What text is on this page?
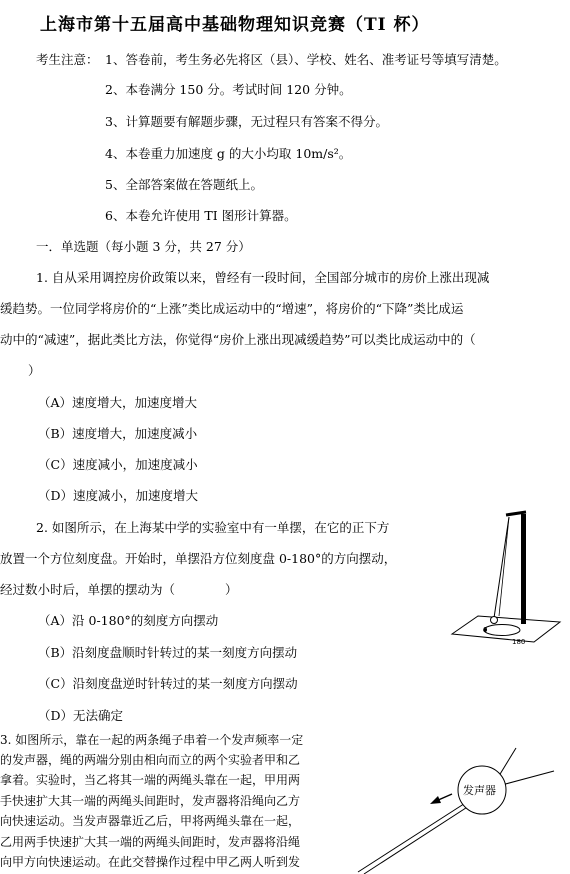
上海市第十五届高中基础物理知识竞赛（TI 杯）
考生注意： 1、答卷前，考生务必先将区（县）、学校、姓名、准考证号等填写清楚。
2、本卷满分 150 分。考试时间 120 分钟。
3、计算题要有解题步骤，无过程只有答案不得分。
4、本卷重力加速度 g 的大小均取 10m/s²。
5、全部答案做在答题纸上。
6、本卷允许使用 TI 图形计算器。
一．单选题（每小题 3 分，共 27 分）
1. 自从采用调控房价政策以来，曾经有一段时间，全国部分城市的房价上涨出现减
缓趋势。一位同学将房价的“上涨”类比成运动中的“增速”，将房价的“下降”类比成运
动中的“减速”，据此类比方法，你觉得“房价上涨出现减缓趋势”可以类比成运动中的（
）
（A）速度增大，加速度增大
（B）速度增大，加速度减小
（C）速度减小，加速度减小
（D）速度减小，加速度增大
2. 如图所示，在上海某中学的实验室中有一单摆，在它的正下方
放置一个方位刻度盘。开始时，单摆沿方位刻度盘 0-180°的方向摆动，
经过数小时后，单摆的摆动为（　　　　）
（A）沿 0-180°的刻度方向摆动
（B）沿刻度盘顺时针转过的某一刻度方向摆动
（C）沿刻度盘逆时针转过的某一刻度方向摆动
（D）无法确定
0
180
3. 如图所示，靠在一起的两条绳子串着一个发声频率一定
的发声器，绳的两端分别由相向而立的两个实验者甲和乙
拿着。实验时，当乙将其一端的两绳头靠在一起，甲用两
手快速扩大其一端的两绳头间距时，发声器将沿绳向乙方
向快速运动。当发声器靠近乙后，甲将两绳头靠在一起，
乙用两手快速扩大其一端的两绳头间距时，发声器将沿绳
向甲方向快速运动。在此交替操作过程中甲乙两人听到发
发声器
